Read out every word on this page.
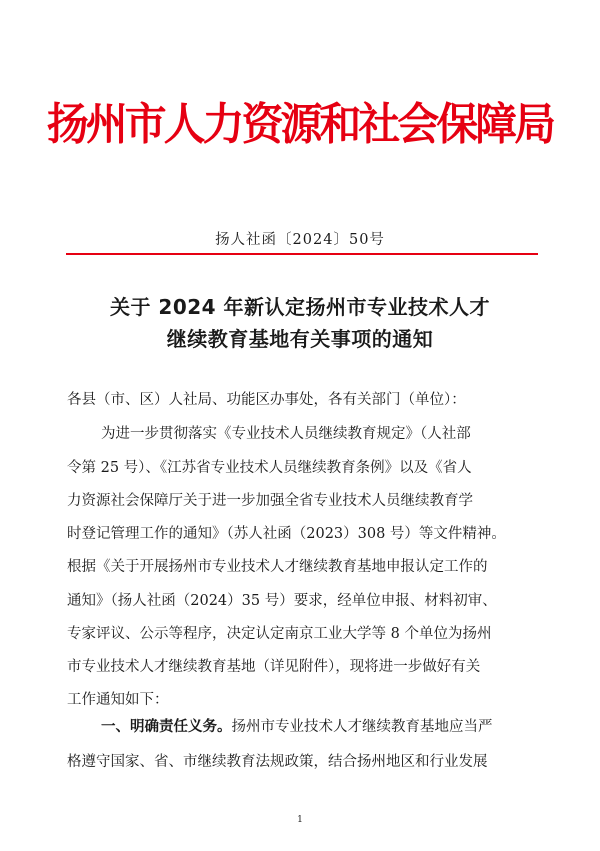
扬州市人力资源和社会保障局
扬人社函〔2024〕50号
关于 2024 年新认定扬州市专业技术人才
继续教育基地有关事项的通知
各县（市、区）人社局、功能区办事处，各有关部门（单位）：
为进一步贯彻落实《专业技术人员继续教育规定》（人社部
令第 25 号）、《江苏省专业技术人员继续教育条例》以及《省人
力资源社会保障厅关于进一步加强全省专业技术人员继续教育学
时登记管理工作的通知》（苏人社函（2023）308 号）等文件精神。
根据《关于开展扬州市专业技术人才继续教育基地申报认定工作的
通知》（扬人社函（2024）35 号）要求，经单位申报、材料初审、
专家评议、公示等程序，决定认定南京工业大学等 8 个单位为扬州
市专业技术人才继续教育基地（详见附件），现将进一步做好有关
工作通知如下：
一、明确责任义务。扬州市专业技术人才继续教育基地应当严
格遵守国家、省、市继续教育法规政策，结合扬州地区和行业发展
1
